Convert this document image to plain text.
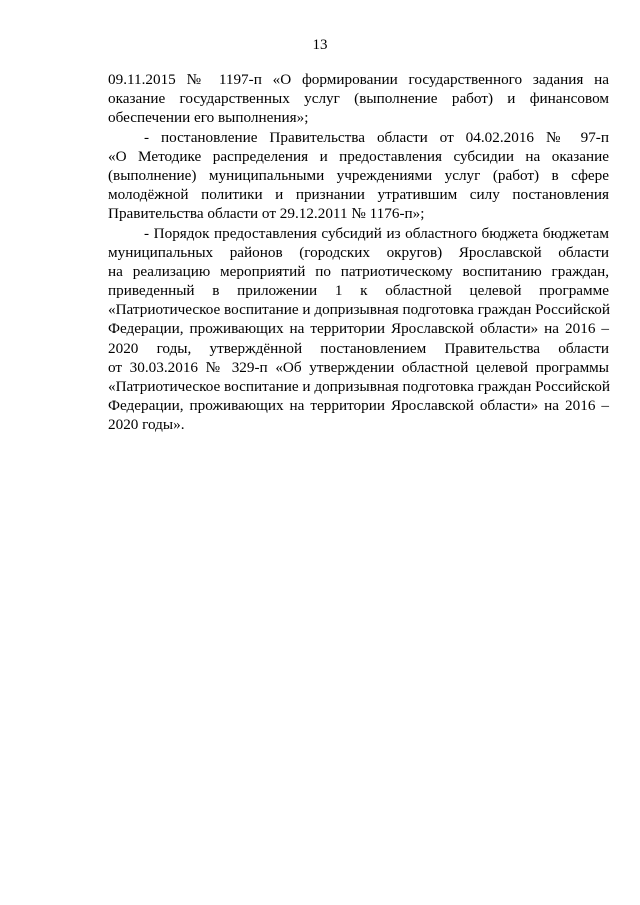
13
09.11.2015 № 1197-п «О формировании государственного задания на
оказание государственных услуг (выполнение работ) и финансовом
обеспечении его выполнения»;
- постановление Правительства области от 04.02.2016 № 97-п
«О Методике распределения и предоставления субсидии на оказание
(выполнение) муниципальными учреждениями услуг (работ) в сфере
молодёжной политики и признании утратившим силу постановления
Правительства области от 29.12.2011 № 1176-п»;
- Порядок предоставления субсидий из областного бюджета бюджетам
муниципальных районов (городских округов) Ярославской области
на реализацию мероприятий по патриотическому воспитанию граждан,
приведенный в приложении 1 к областной целевой программе
«Патриотическое воспитание и допризывная подготовка граждан Российской
Федерации, проживающих на территории Ярославской области» на 2016 –
2020 годы, утверждённой постановлением Правительства области
от 30.03.2016 № 329-п «Об утверждении областной целевой программы
«Патриотическое воспитание и допризывная подготовка граждан Российской
Федерации, проживающих на территории Ярославской области» на 2016 –
2020 годы».
